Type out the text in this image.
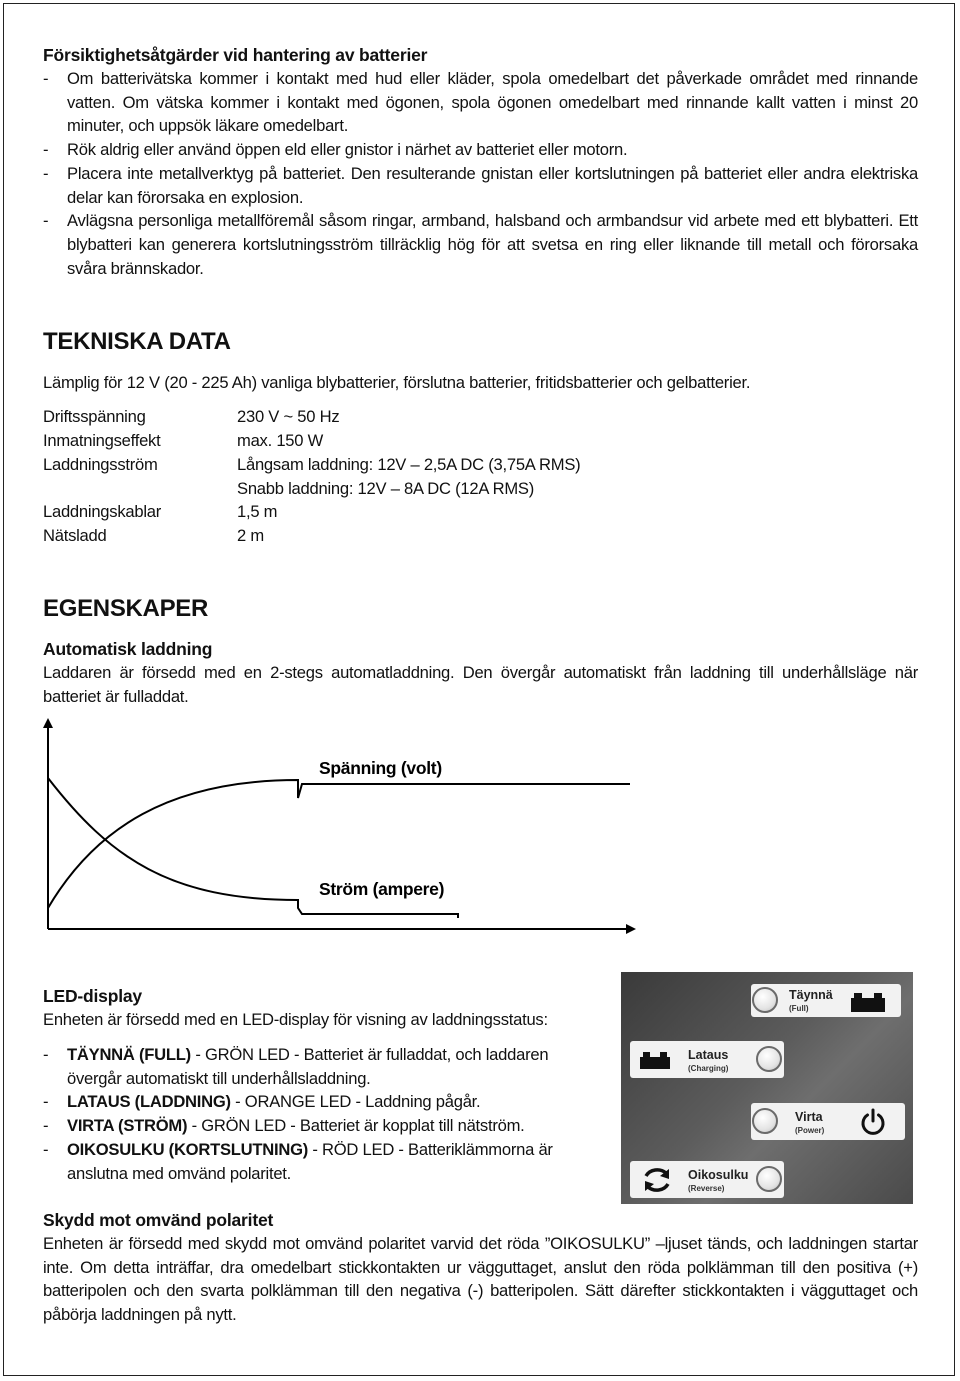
Försiktighetsåtgärder vid hantering av batterier
- Om batterivätska kommer i kontakt med hud eller kläder, spola omedelbart det påverkade området med rinnande vatten. Om vätska kommer i kontakt med ögonen, spola ögonen omedelbart med rinnande kallt vatten i minst 20 minuter, och uppsök läkare omedelbart.
- Rök aldrig eller använd öppen eld eller gnistor i närhet av batteriet eller motorn.
- Placera inte metallverktyg på batteriet. Den resulterande gnistan eller kortslutningen på batteriet eller andra elektriska delar kan förorsaka en explosion.
- Avlägsna personliga metallföremål såsom ringar, armband, halsband och armbandsur vid arbete med ett blybatteri. Ett blybatteri kan generera kortslutningsström tillräcklig hög för att svetsa en ring eller liknande till metall och förorsaka svåra brännskador.
TEKNISKA DATA
Lämplig för 12 V (20 - 225 Ah) vanliga blybatterier, förslutna batterier, fritidsbatterier och gelbatterier.
Driftsspänning	230 V ~ 50 Hz
Inmatningseffekt	max. 150 W
Laddningsström	Långsam laddning: 12V – 2,5A DC (3,75A RMS)
Snabb laddning: 12V – 8A DC (12A RMS)
Laddningskablar	1,5 m
Nätsladd	2 m
EGENSKAPER
Automatisk laddning
Laddaren är försedd med en 2-stegs automatladdning. Den övergår automatiskt från laddning till underhållsläge när batteriet är fulladdat.
Spänning (volt)
Ström (ampere)
LED-display
Enheten är försedd med en LED-display för visning av laddningsstatus:
- TÄYNNÄ (FULL) - GRÖN LED - Batteriet är fulladdat, och laddaren övergår automatiskt till underhållsladdning.
- LATAUS (LADDNING) - ORANGE LED - Laddning pågår.
- VIRTA (STRÖM) - GRÖN LED - Batteriet är kopplat till nätström.
- OIKOSULKU (KORTSLUTNING) - RÖD LED - Batteriklämmorna är anslutna med omvänd polaritet.
Täynnä
(Full)
Lataus
(Charging)
Virta
(Power)
Oikosulku
(Reverse)
Skydd mot omvänd polaritet
Enheten är försedd med skydd mot omvänd polaritet varvid det röda ”OIKOSULKU” –ljuset tänds, och laddningen startar inte. Om detta inträffar, dra omedelbart stickkontakten ur vägguttaget, anslut den röda polklämman till den positiva (+) batteripolen och den svarta polklämman till den negativa (-) batteripolen. Sätt därefter stickkontakten i vägguttaget och påbörja laddningen på nytt.
